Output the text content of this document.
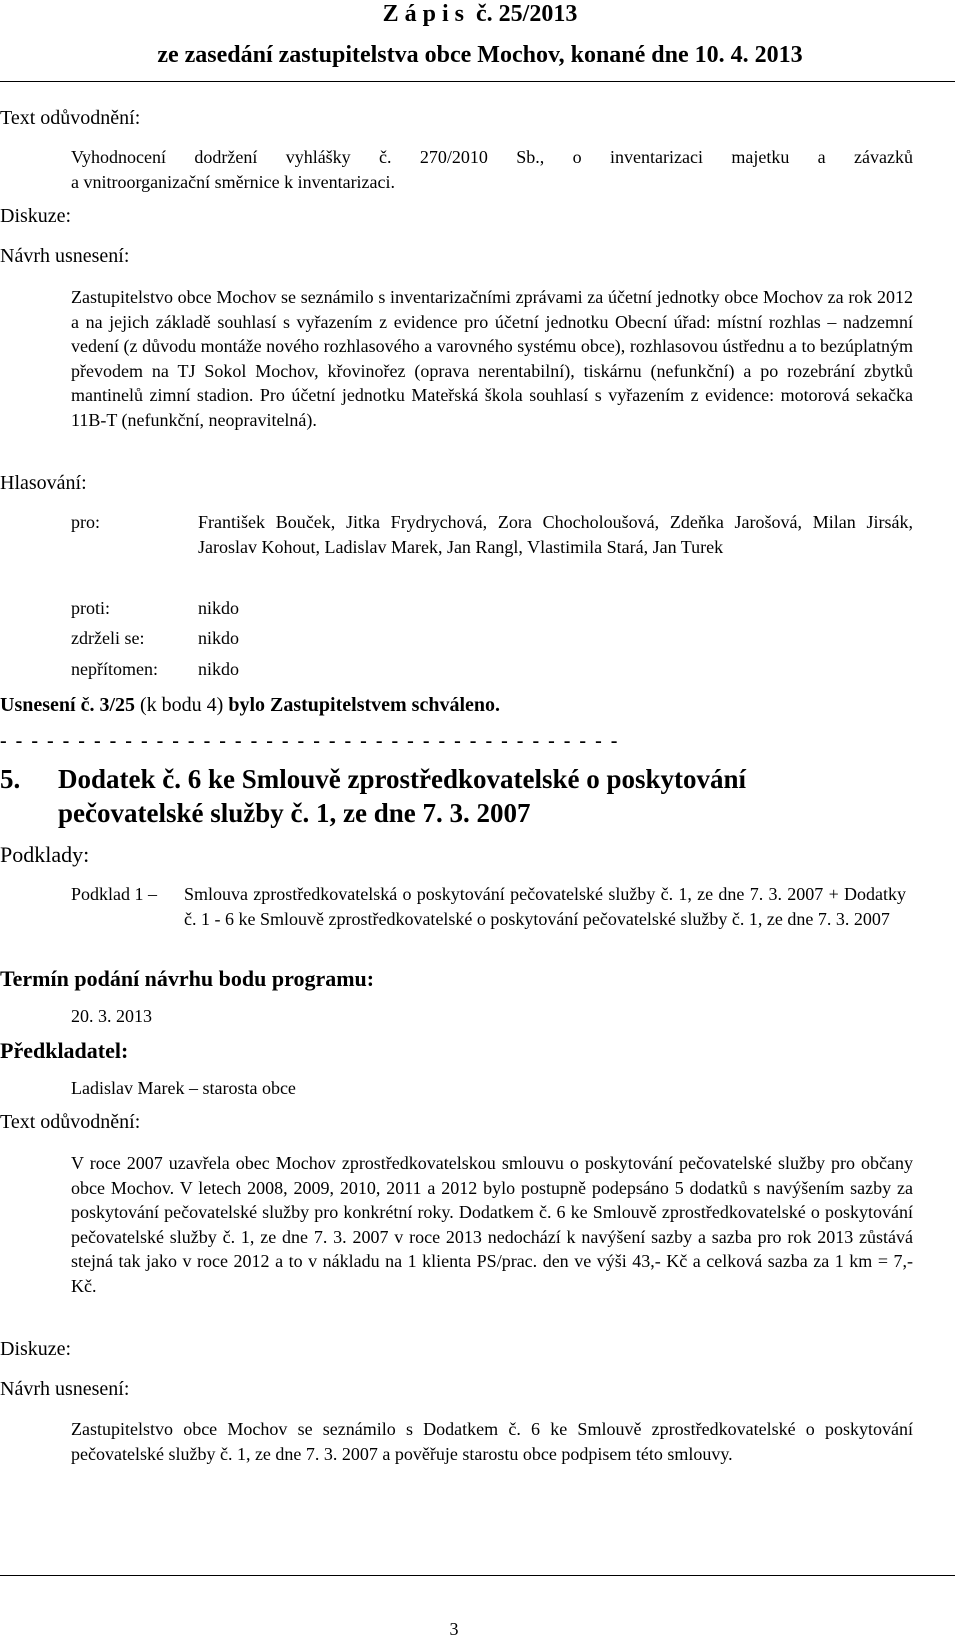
Z á p i s  č. 25/2013
ze zasedání zastupitelstva obce Mochov, konané dne 10. 4. 2013
Text odůvodnění:
Vyhodnocení dodržení vyhlášky č. 270/2010 Sb., o inventarizaci majetku a závazků
a vnitroorganizační směrnice k inventarizaci.
Diskuze:
Návrh usnesení:
Zastupitelstvo obce Mochov se seznámilo s inventarizačními zprávami za účetní jednotky obce Mochov za rok 2012 a na jejich základě souhlasí s vyřazením z evidence pro účetní jednotku Obecní úřad: místní rozhlas – nadzemní vedení (z důvodu montáže nového rozhlasového a varovného systému obce), rozhlasovou ústřednu a to bezúplatným převodem na TJ Sokol Mochov, křovinořez (oprava nerentabilní), tiskárnu (nefunkční) a po rozebrání zbytků mantinelů zimní stadion. Pro účetní jednotku Mateřská škola souhlasí s vyřazením z evidence: motorová sekačka 11B-T (nefunkční, neopravitelná).
Hlasování:
pro:	František Bouček, Jitka Frydrychová, Zora Chocholoušová, Zdeňka Jarošová, Milan Jirsák, Jaroslav Kohout, Ladislav Marek, Jan Rangl, Vlastimila Stará, Jan Turek
proti:	nikdo
zdrželi se:	nikdo
nepřítomen: nikdo
Usnesení č. 3/25 (k bodu 4) bylo Zastupitelstvem schváleno.
- - - - - - - - - - - - - - - - - - - - - - - - - - - - - - - - - - - - - - - -
5. Dodatek č. 6 ke Smlouvě zprostředkovatelské o poskytování
pečovatelské služby č. 1, ze dne 7. 3. 2007
Podklady:
Podklad 1 – Smlouva zprostředkovatelská o poskytování pečovatelské služby č. 1, ze dne 7. 3. 2007 + Dodatky č. 1 - 6 ke Smlouvě zprostředkovatelské o poskytování pečovatelské služby č. 1, ze dne 7. 3. 2007
Termín podání návrhu bodu programu:
20. 3. 2013
Předkladatel:
Ladislav Marek – starosta obce
Text odůvodnění:
V roce 2007 uzavřela obec Mochov zprostředkovatelskou smlouvu o poskytování pečovatelské služby pro občany obce Mochov. V letech 2008, 2009, 2010, 2011 a 2012 bylo postupně podepsáno 5 dodatků s navýšením sazby za poskytování pečovatelské služby pro konkrétní roky. Dodatkem č. 6 ke Smlouvě zprostředkovatelské o poskytování pečovatelské služby č. 1, ze dne 7. 3. 2007 v roce 2013 nedochází k navýšení sazby a sazba pro rok 2013 zůstává stejná tak jako v roce 2012 a to v nákladu na 1 klienta PS/prac. den ve výši 43,- Kč a celková sazba za 1 km = 7,- Kč.
Diskuze:
Návrh usnesení:
Zastupitelstvo obce Mochov se seznámilo s Dodatkem č. 6 ke Smlouvě zprostředkovatelské o poskytování pečovatelské služby č. 1, ze dne 7. 3. 2007 a pověřuje starostu obce podpisem této smlouvy.
3
